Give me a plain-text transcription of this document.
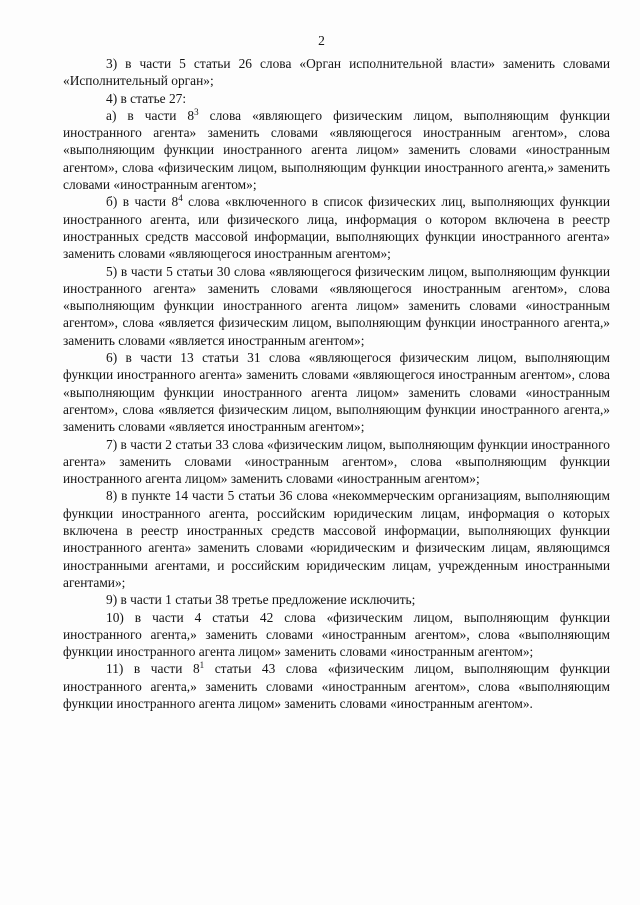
2

3) в части 5 статьи 26 слова «Орган исполнительной власти» заменить словами «Исполнительный орган»;

4) в статье 27:

а) в части $8^3$ слова «являющего физическим лицом, выполняющим функции иностранного агента» заменить словами «являющегося иностранным агентом», слова «выполняющим функции иностранного агента лицом» заменить словами «иностранным агентом», слова «физическим лицом, выполняющим функции иностранного агента,» заменить словами «иностранным агентом»;

б) в части $8^4$ слова «включенного в список физических лиц, выполняющих функции иностранного агента, или физического лица, информация о котором включена в реестр иностранных средств массовой информации, выполняющих функции иностранного агента» заменить словами «являющегося иностранным агентом»;

5) в части 5 статьи 30 слова «являющегося физическим лицом, выполняющим функции иностранного агента» заменить словами «являющегося иностранным агентом», слова «выполняющим функции иностранного агента лицом» заменить словами «иностранным агентом», слова «является физическим лицом, выполняющим функции иностранного агента,» заменить словами «является иностранным агентом»;

6) в части 13 статьи 31 слова «являющегося физическим лицом, выполняющим функции иностранного агента» заменить словами «являющегося иностранным агентом», слова «выполняющим функции иностранного агента лицом» заменить словами «иностранным агентом», слова «является физическим лицом, выполняющим функции иностранного агента,» заменить словами «является иностранным агентом»;

7) в части 2 статьи 33 слова «физическим лицом, выполняющим функции иностранного агента» заменить словами «иностранным агентом», слова «выполняющим функции иностранного агента лицом» заменить словами «иностранным агентом»;

8) в пункте 14 части 5 статьи 36 слова «некоммерческим организациям, выполняющим функции иностранного агента, российским юридическим лицам, информация о которых включена в реестр иностранных средств массовой информации, выполняющих функции иностранного агента» заменить словами «юридическим и физическим лицам, являющимся иностранными агентами, и российским юридическим лицам, учрежденным иностранными агентами»;

9) в части 1 статьи 38 третье предложение исключить;

10) в части 4 статьи 42 слова «физическим лицом, выполняющим функции иностранного агента,» заменить словами «иностранным агентом», слова «выполняющим функции иностранного агента лицом» заменить словами «иностранным агентом»;

11) в части $8^1$ статьи 43 слова «физическим лицом, выполняющим функции иностранного агента,» заменить словами «иностранным агентом», слова «выполняющим функции иностранного агента лицом» заменить словами «иностранным агентом».
